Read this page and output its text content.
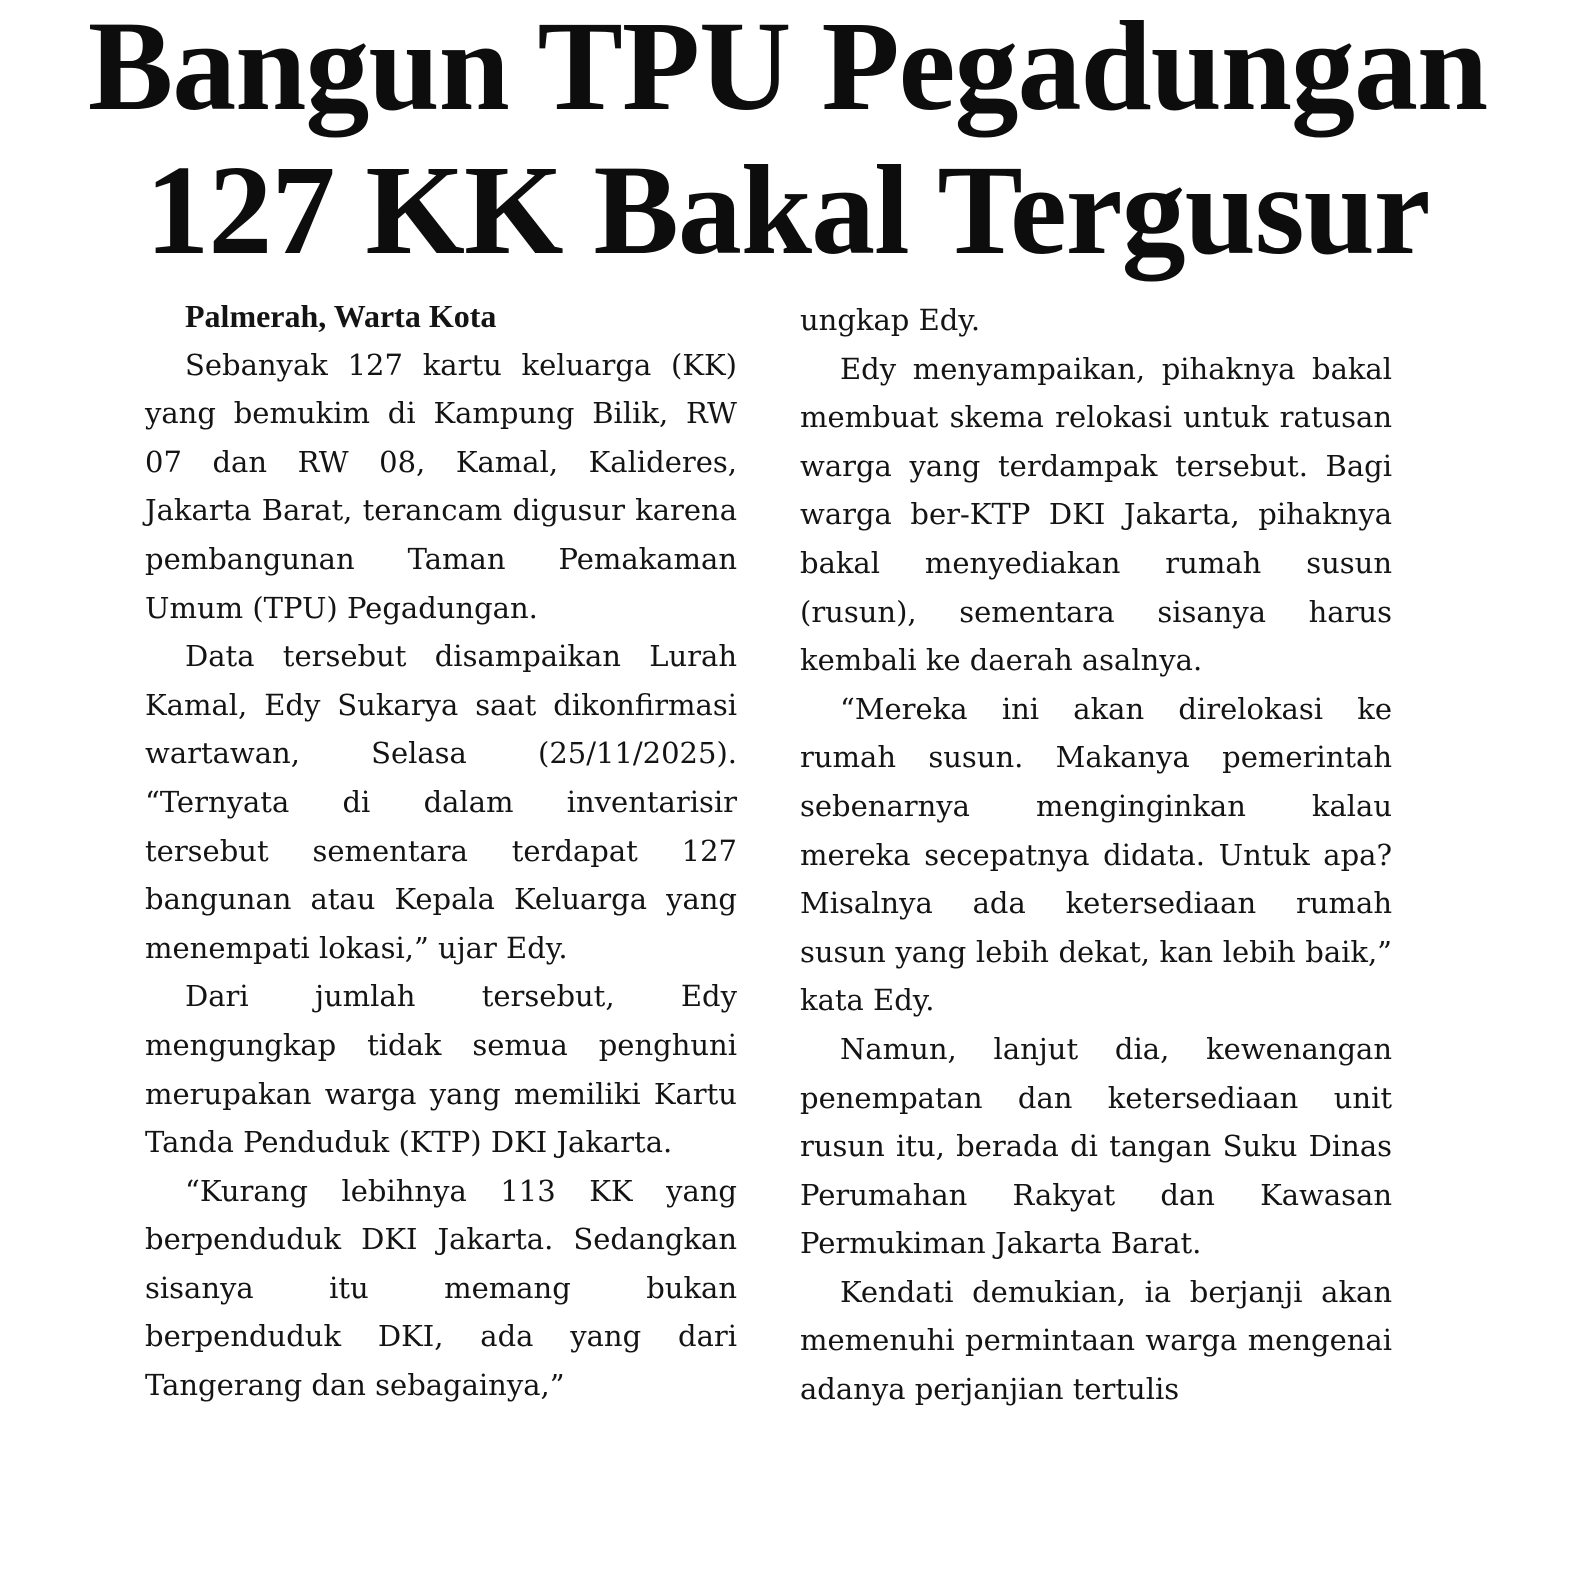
Bangun TPU Pegadungan
127 KK Bakal Tergusur

Palmerah, Warta Kota

Sebanyak 127 kartu keluarga (KK) yang bemukim di Kampung Bilik, RW 07 dan RW 08, Kamal, Kalideres, Jakarta Barat, terancam digusur karena pembangunan Taman Pemakaman Umum (TPU) Pegadungan.

Data tersebut disampaikan Lurah Kamal, Edy Sukarya saat dikonfirmasi wartawan, Selasa (25/11/2025). “Ternyata di dalam inventarisir tersebut sementara terdapat 127 bangunan atau Kepala Keluarga yang menempati lokasi,” ujar Edy.

Dari jumlah tersebut, Edy mengungkap tidak semua penghuni merupakan warga yang memiliki Kartu Tanda Penduduk (KTP) DKI Jakarta.

“Kurang lebihnya 113 KK yang berpenduduk DKI Jakarta. Sedangkan sisanya itu memang bukan berpenduduk DKI, ada yang dari Tangerang dan sebagainya,”

ungkap Edy.

Edy menyampaikan, pihaknya bakal membuat skema relokasi untuk ratusan warga yang terdampak tersebut. Bagi warga ber-KTP DKI Jakarta, pihaknya bakal menyediakan rumah susun (rusun), sementara sisanya harus kembali ke daerah asalnya.

“Mereka ini akan direlokasi ke rumah susun. Makanya pemerintah sebenarnya menginginkan kalau mereka secepatnya didata. Untuk apa? Misalnya ada ketersediaan rumah susun yang lebih dekat, kan lebih baik,” kata Edy.

Namun, lanjut dia, kewenangan penempatan dan ketersediaan unit rusun itu, berada di tangan Suku Dinas Perumahan Rakyat dan Kawasan Permukiman Jakarta Barat.

Kendati demukian, ia berjanji akan memenuhi permintaan warga mengenai adanya perjanjian tertulis
